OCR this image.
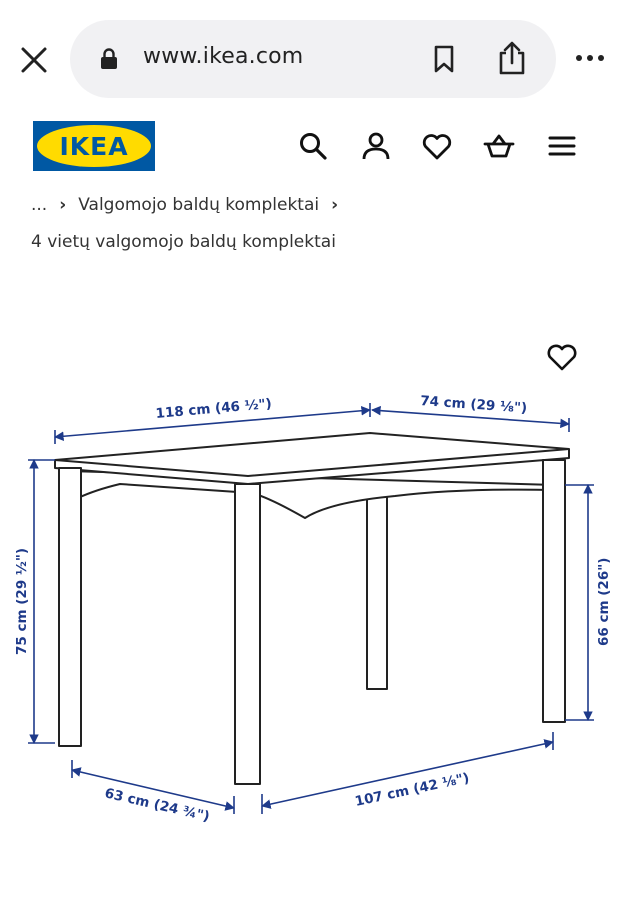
www.ikea.com
IKEA
... › Valgomojo baldų komplektai ›
4 vietų valgomojo baldų komplektai
118 cm (46 ½")	74 cm (29 ⅛")
75 cm (29 ½")	66 cm (26")
63 cm (24 ¾")	107 cm (42 ⅛")
